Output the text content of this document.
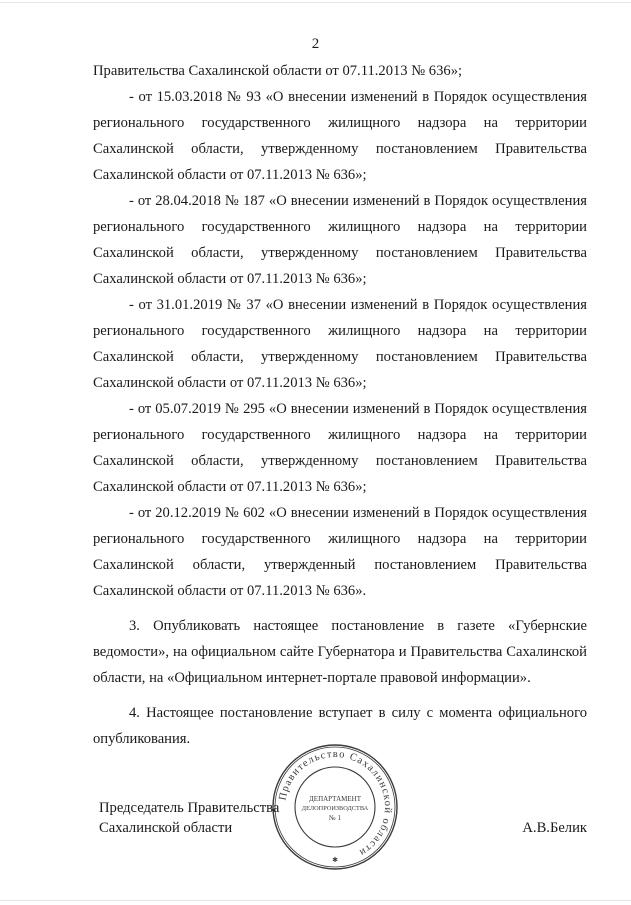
2

Правительства Сахалинской области от 07.11.2013 № 636»;

- от 15.03.2018 № 93 «О внесении изменений в Порядок осуществления регионального государственного жилищного надзора на территории Сахалинской области, утвержденному постановлением Правительства Сахалинской области от 07.11.2013 № 636»;

- от 28.04.2018 № 187 «О внесении изменений в Порядок осуществления регионального государственного жилищного надзора на территории Сахалинской области, утвержденному постановлением Правительства Сахалинской области от 07.11.2013 № 636»;

- от 31.01.2019 № 37 «О внесении изменений в Порядок осуществления регионального государственного жилищного надзора на территории Сахалинской области, утвержденному постановлением Правительства Сахалинской области от 07.11.2013 № 636»;

- от 05.07.2019 № 295 «О внесении изменений в Порядок осуществления регионального государственного жилищного надзора на территории Сахалинской области, утвержденному постановлением Правительства Сахалинской области от 07.11.2013 № 636»;

- от 20.12.2019 № 602 «О внесении изменений в Порядок осуществления регионального государственного жилищного надзора на территории Сахалинской области, утвержденный постановлением Правительства Сахалинской области от 07.11.2013 № 636».

3. Опубликовать настоящее постановление в газете «Губернские ведомости», на официальном сайте Губернатора и Правительства Сахалинской области, на «Официальном интернет-портале правовой информации».

4. Настоящее постановление вступает в силу с момента официального опубликования.

Правительство Сахалинской области
ДЕПАРТАМЕНТ
ДЕЛОПРОИЗВОДСТВА
№ 1
✱
Председатель Правительства
Сахалинской области	А.В.Белик
